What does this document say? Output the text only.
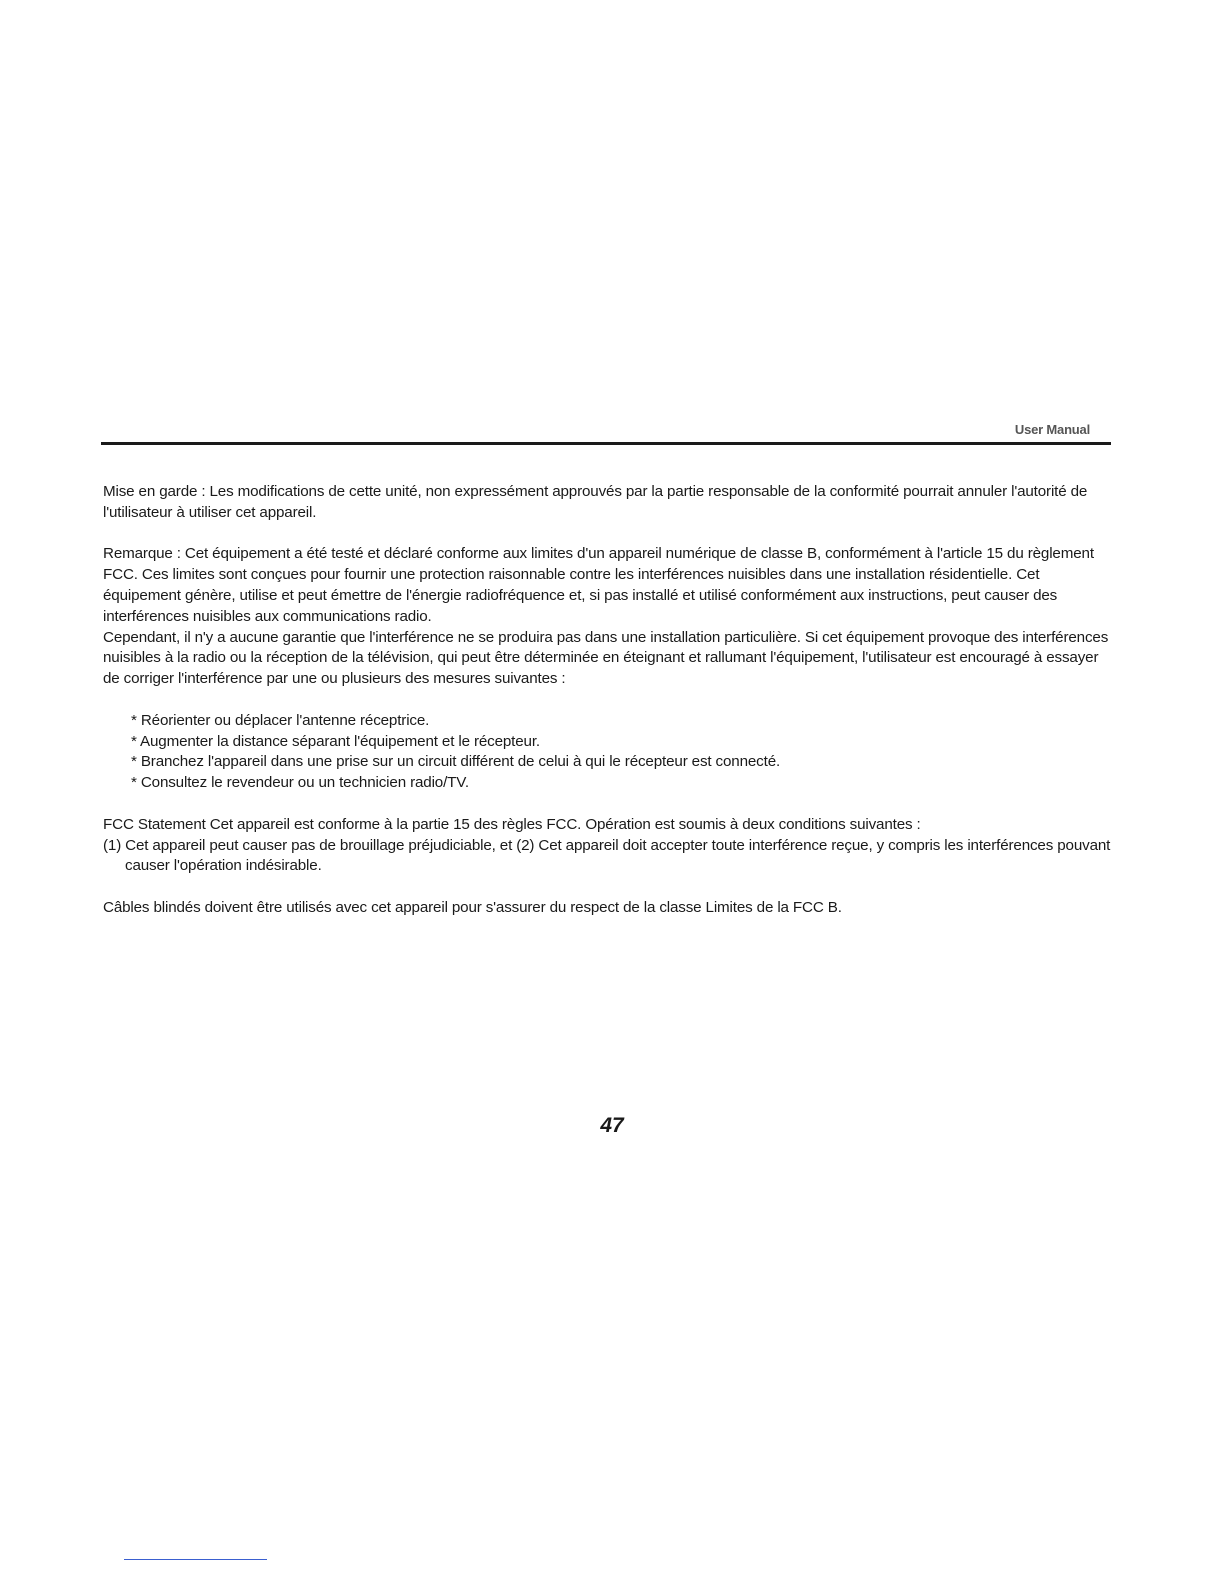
User Manual

Mise en garde : Les modifications de cette unité, non expressément approuvés par la partie responsable de la conformité pourrait annuler l'autorité de l'utilisateur à utiliser cet appareil.

Remarque : Cet équipement a été testé et déclaré conforme aux limites d'un appareil numérique de classe B, conformément à l'article 15 du règlement FCC. Ces limites sont conçues pour fournir une protection raisonnable contre les interférences nuisibles dans une installation résidentielle. Cet équipement génère, utilise et peut émettre de l'énergie radiofréquence et, si pas installé et utilisé conformément aux instructions, peut causer des interférences nuisibles aux communications radio.

Cependant, il n'y a aucune garantie que l'interférence ne se produira pas dans une installation particulière. Si cet équipement provoque des interférences nuisibles à la radio ou la réception de la télévision, qui peut être déterminée en éteignant et rallumant l'équipement, l'utilisateur est encouragé à essayer de corriger l'interférence par une ou plusieurs des mesures suivantes :

* Réorienter ou déplacer l'antenne réceptrice.
* Augmenter la distance séparant l'équipement et le récepteur.
* Branchez l'appareil dans une prise sur un circuit différent de celui à qui le récepteur est connecté.
* Consultez le revendeur ou un technicien radio/TV.

FCC Statement Cet appareil est conforme à la partie 15 des règles FCC. Opération est soumis à deux conditions suivantes :

(1) Cet appareil peut causer pas de brouillage préjudiciable, et (2) Cet appareil doit accepter toute interférence reçue, y compris les interférences pouvant causer l'opération indésirable.

Câbles blindés doivent être utilisés avec cet appareil pour s'assurer du respect de la classe Limites de la FCC B.

47
